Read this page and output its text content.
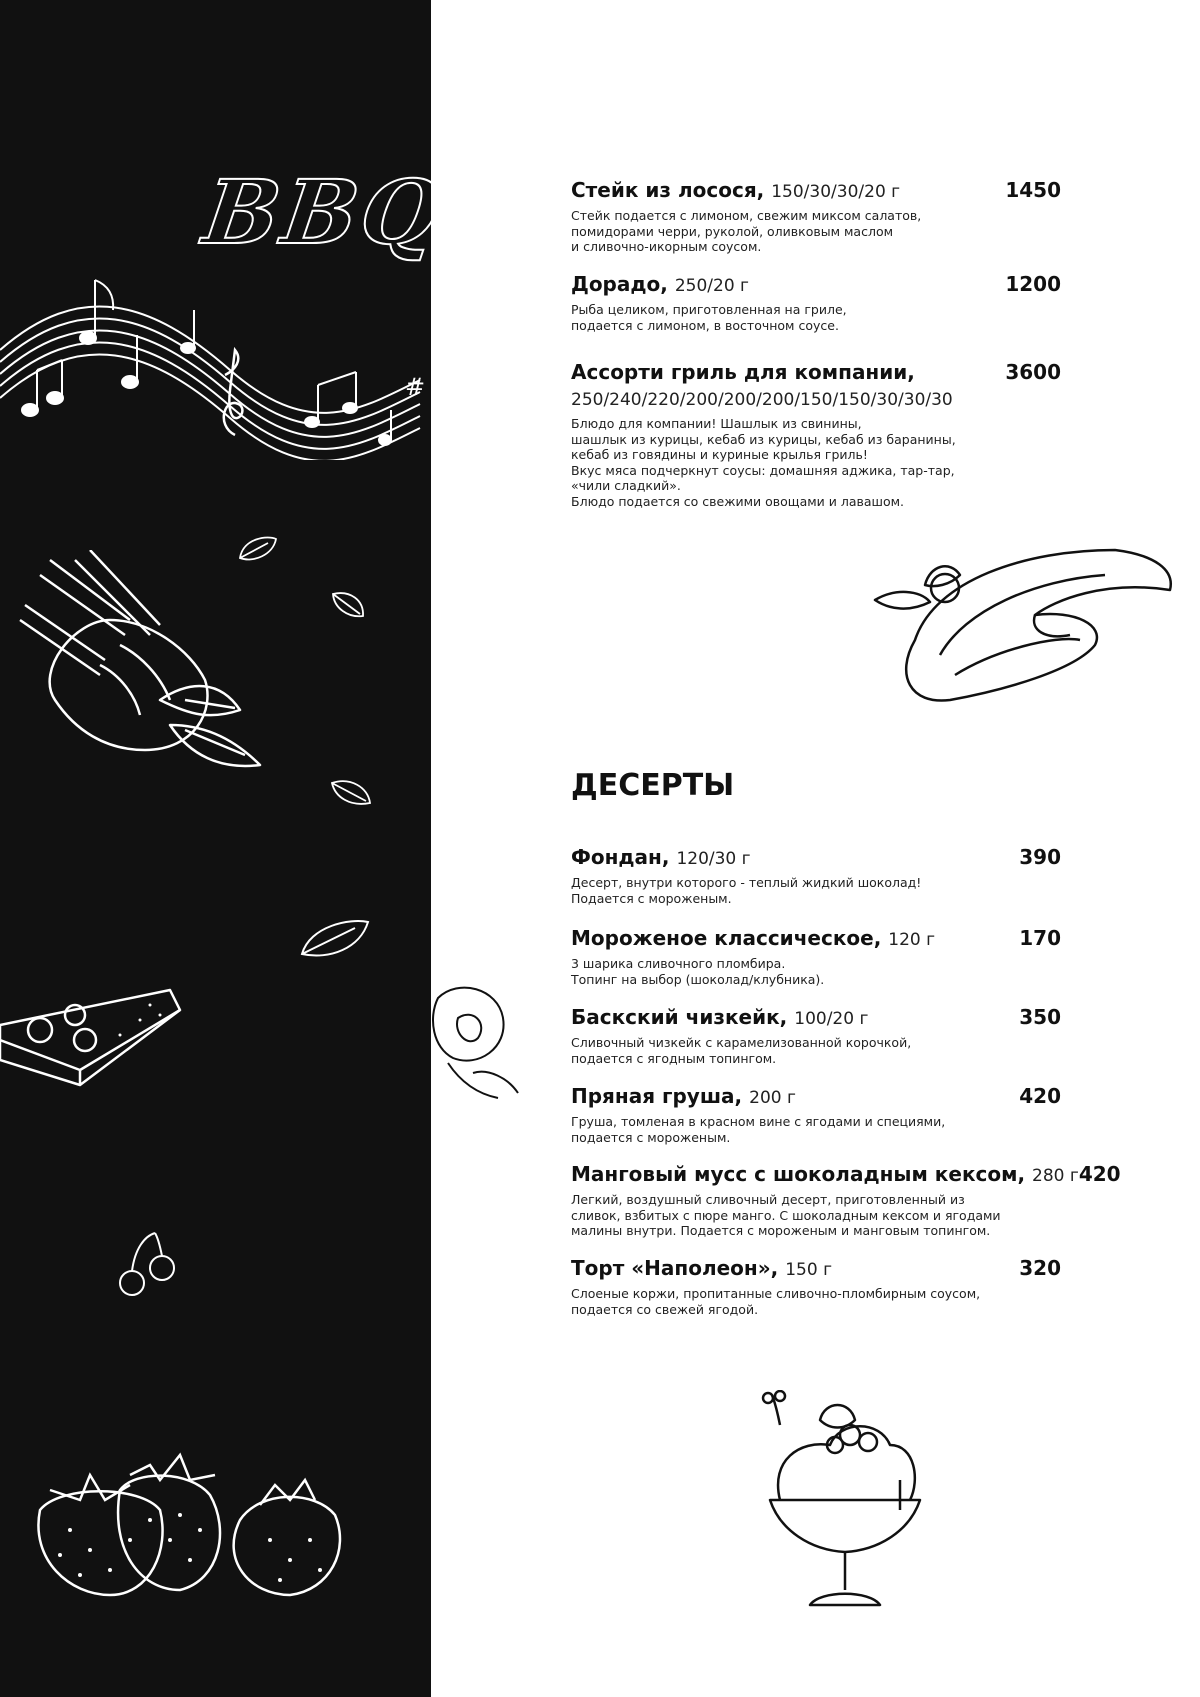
BBQ
#
Стейк из лосося, 150/30/30/20 г	1450
Стейк подается с лимоном, свежим миксом салатов,
помидорами черри, руколой, оливковым маслом
и сливочно-икорным соусом.
Дорадо, 250/20 г	1200
Рыба целиком, приготовленная на гриле,
подается с лимоном, в восточном соусе.
Ассорти гриль для компании,	3600
250/240/220/200/200/200/150/150/30/30/30
Блюдо для компании! Шашлык из свинины,
шашлык из курицы, кебаб из курицы, кебаб из баранины,
кебаб из говядины и куриные крылья гриль!
Вкус мяса подчеркнут соусы: домашняя аджика, тар-тар,
«чили сладкий».
Блюдо подается со свежими овощами и лавашом.
ДЕСЕРТЫ
Фондан, 120/30 г	390
Десерт, внутри которого - теплый жидкий шоколад!
Подается с мороженым.
Мороженое классическое, 120 г	170
3 шарика сливочного пломбира.
Топинг на выбор (шоколад/клубника).
Баскский чизкейк, 100/20 г	350
Сливочный чизкейк с карамелизованной корочкой,
подается с ягодным топингом.
Пряная груша, 200 г	420
Груша, томленая в красном вине с ягодами и специями,
подается с мороженым.
Манговый мусс с шоколадным кексом, 280 г 420
Легкий, воздушный сливочный десерт, приготовленный из
сливок, взбитых с пюре манго. С шоколадным кексом и ягодами
малины внутри. Подается с мороженым и манговым топингом.
Торт «Наполеон», 150 г	320
Слоеные коржи, пропитанные сливочно-пломбирным соусом,
подается со свежей ягодой.
